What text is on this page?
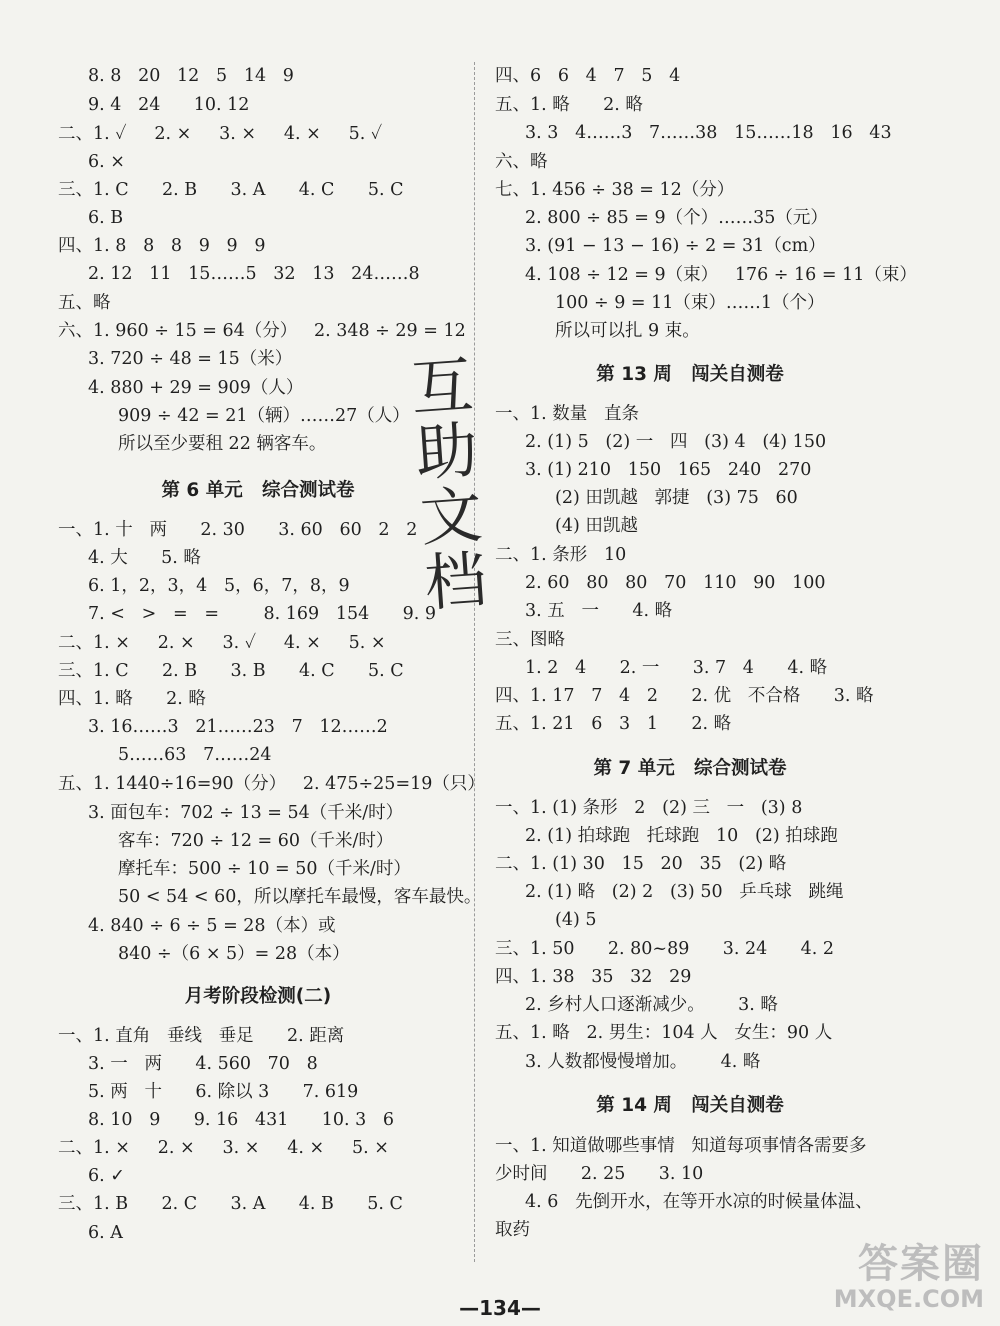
8. 8   20   12   5   14   9
9. 4   24      10. 12
二、1. ✓     2. ×     3. ×     4. ×     5. ✓
6. ×
三、1. C      2. B      3. A      4. C      5. C
6. B
四、1. 8   8   8   9   9   9
2. 12   11   15……5   32   13   24……8
五、略
六、1. 960 ÷ 15 = 64（分）   2. 348 ÷ 29 = 12
3. 720 ÷ 48 = 15（米）
4. 880 + 29 = 909（人）
909 ÷ 42 = 21（辆）……27（人）
所以至少要租 22 辆客车。
第 6 单元   综合测试卷
一、1. 十   两      2. 30      3. 60   60   2   2
4. 大      5. 略
6. 1，2，3，4   5，6，7，8，9
7. <   >   =   =        8. 169   154      9. 9
二、1. ×     2. ×     3. ✓     4. ×     5. ×
三、1. C      2. B      3. B      4. C      5. C
四、1. 略      2. 略
3. 16……3   21……23   7   12……2
5……63   7……24
五、1. 1440÷16=90（分）   2. 475÷25=19（只）
3. 面包车：702 ÷ 13 = 54（千米/时）
客车：720 ÷ 12 = 60（千米/时）
摩托车：500 ÷ 10 = 50（千米/时）
50 < 54 < 60，所以摩托车最慢，客车最快。
4. 840 ÷ 6 ÷ 5 = 28（本）或
840 ÷（6 × 5）= 28（本）
月考阶段检测(二)
一、1. 直角   垂线   垂足      2. 距离
3. 一   两      4. 560   70   8
5. 两   十      6. 除以 3      7. 619
8. 10   9      9. 16   431      10. 3   6
二、1. ×     2. ×     3. ×     4. ×     5. ×
6. ✓
三、1. B      2. C      3. A      4. B      5. C
6. A
四、6   6   4   7   5   4
五、1. 略      2. 略
3. 3   4……3   7……38   15……18   16   43
六、略
七、1. 456 ÷ 38 = 12（分）
2. 800 ÷ 85 = 9（个）……35（元）
3. (91 − 13 − 16) ÷ 2 = 31（cm）
4. 108 ÷ 12 = 9（束）   176 ÷ 16 = 11（束）
100 ÷ 9 = 11（束）……1（个）
所以可以扎 9 束。
第 13 周   闯关自测卷
一、1. 数量   直条
2. (1) 5   (2) 一   四   (3) 4   (4) 150
3. (1) 210   150   165   240   270
(2) 田凯越   郭捷   (3) 75   60
(4) 田凯越
二、1. 条形   10
2. 60   80   80   70   110   90   100
3. 五   一      4. 略
三、图略
1. 2   4      2. 一      3. 7   4      4. 略
四、1. 17   7   4   2      2. 优   不合格      3. 略
五、1. 21   6   3   1      2. 略
第 7 单元   综合测试卷
一、1. (1) 条形   2   (2) 三   一   (3) 8
2. (1) 拍球跑   托球跑   10   (2) 拍球跑
二、1. (1) 30   15   20   35   (2) 略
2. (1) 略   (2) 2   (3) 50   乒乓球   跳绳
(4) 5
三、1. 50      2. 80~89      3. 24      4. 2
四、1. 38   35   32   29
2. 乡村人口逐渐减少。      3. 略
五、1. 略   2. 男生：104 人   女生：90 人
3. 人数都慢慢增加。      4. 略
第 14 周   闯关自测卷
一、1. 知道做哪些事情   知道每项事情各需要多
少时间      2. 25      3. 10
4. 6   先倒开水，在等开水凉的时候量体温、
取药
互
助
文
档
—134—
答案圈
MXQE.COM
